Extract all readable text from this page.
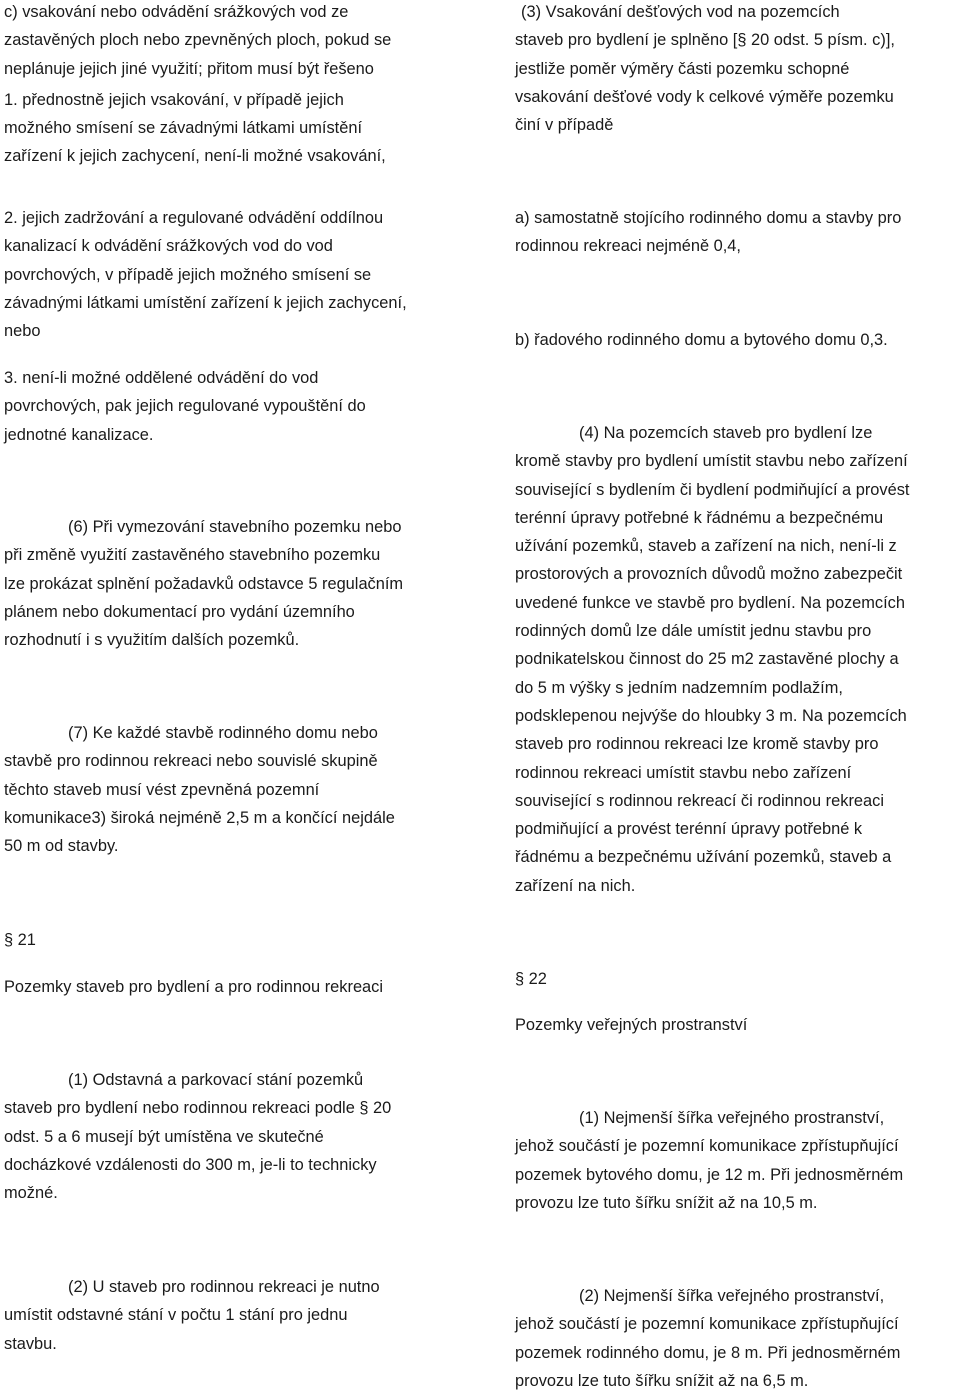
c) vsakování nebo odvádění srážkových vod ze
zastavěných ploch nebo zpevněných ploch, pokud se
neplánuje jejich jiné využití; přitom musí být řešeno
1. přednostně jejich vsakování, v případě jejich
možného smísení se závadnými látkami umístění
zařízení k jejich zachycení, není-li možné vsakování,
2. jejich zadržování a regulované odvádění oddílnou
kanalizací k odvádění srážkových vod do vod
povrchových, v případě jejich možného smísení se
závadnými látkami umístění zařízení k jejich zachycení,
nebo
3. není-li možné oddělené odvádění do vod
povrchových, pak jejich regulované vypouštění do
jednotné kanalizace.
(6) Při vymezování stavebního pozemku nebo
při změně využití zastavěného stavebního pozemku
lze prokázat splnění požadavků odstavce 5 regulačním
plánem nebo dokumentací pro vydání územního
rozhodnutí i s využitím dalších pozemků.
(7) Ke každé stavbě rodinného domu nebo
stavbě pro rodinnou rekreaci nebo souvislé skupině
těchto staveb musí vést zpevněná pozemní
komunikace3) široká nejméně 2,5 m a končící nejdále
50 m od stavby.
§ 21
Pozemky staveb pro bydlení a pro rodinnou rekreaci
(1) Odstavná a parkovací stání pozemků
staveb pro bydlení nebo rodinnou rekreaci podle § 20
odst. 5 a 6 musejí být umístěna ve skutečné
docházkové vzdálenosti do 300 m, je-li to technicky
možné.
(2) U staveb pro rodinnou rekreaci je nutno
umístit odstavné stání v počtu 1 stání pro jednu
stavbu.
(3) Vsakování dešťových vod na pozemcích
staveb pro bydlení je splněno [§ 20 odst. 5 písm. c)],
jestliže poměr výměry části pozemku schopné
vsakování dešťové vody k celkové výměře pozemku
činí v případě
a) samostatně stojícího rodinného domu a stavby pro
rodinnou rekreaci nejméně 0,4,
b) řadového rodinného domu a bytového domu 0,3.
(4) Na pozemcích staveb pro bydlení lze
kromě stavby pro bydlení umístit stavbu nebo zařízení
související s bydlením či bydlení podmiňující a provést
terénní úpravy potřebné k řádnému a bezpečnému
užívání pozemků, staveb a zařízení na nich, není-li z
prostorových a provozních důvodů možno zabezpečit
uvedené funkce ve stavbě pro bydlení. Na pozemcích
rodinných domů lze dále umístit jednu stavbu pro
podnikatelskou činnost do 25 m2 zastavěné plochy a
do 5 m výšky s jedním nadzemním podlažím,
podsklepenou nejvýše do hloubky 3 m. Na pozemcích
staveb pro rodinnou rekreaci lze kromě stavby pro
rodinnou rekreaci umístit stavbu nebo zařízení
související s rodinnou rekreací či rodinnou rekreaci
podmiňující a provést terénní úpravy potřebné k
řádnému a bezpečnému užívání pozemků, staveb a
zařízení na nich.
§ 22
Pozemky veřejných prostranství
(1) Nejmenší šířka veřejného prostranství,
jehož součástí je pozemní komunikace zpřístupňující
pozemek bytového domu, je 12 m. Při jednosměrném
provozu lze tuto šířku snížit až na 10,5 m.
(2) Nejmenší šířka veřejného prostranství,
jehož součástí je pozemní komunikace zpřístupňující
pozemek rodinného domu, je 8 m. Při jednosměrném
provozu lze tuto šířku snížit až na 6,5 m.
